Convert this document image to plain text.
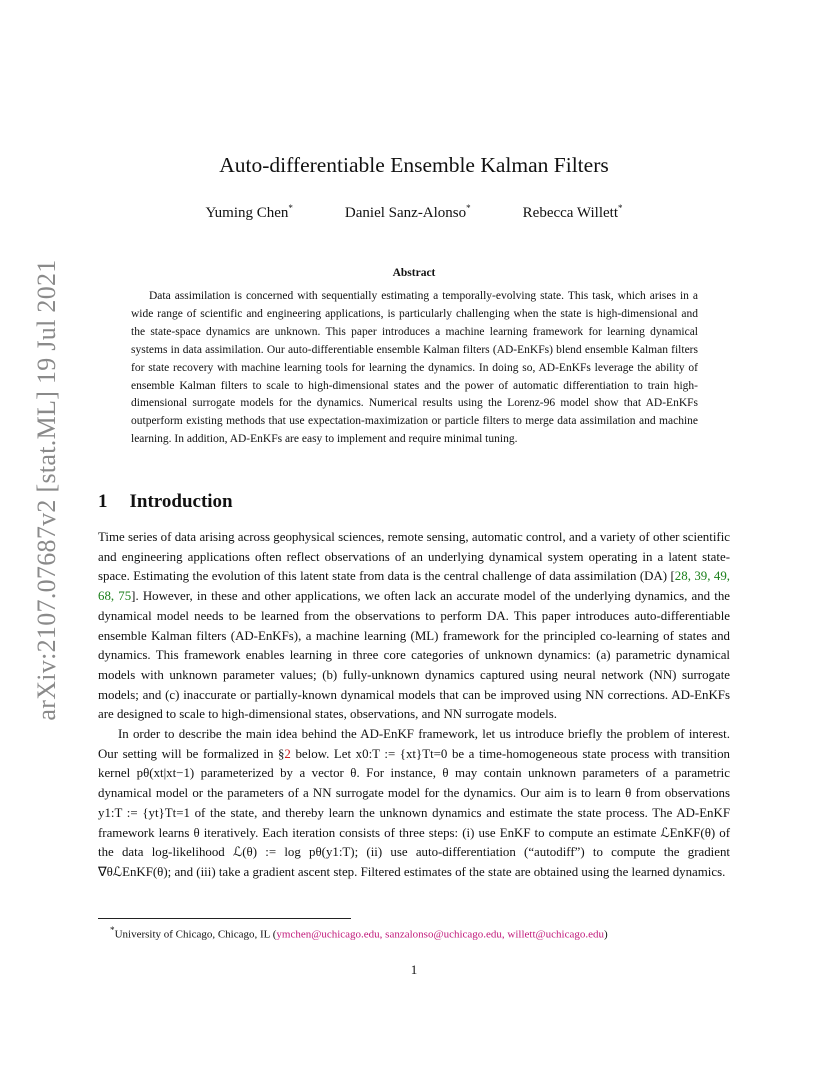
arXiv:2107.07687v2 [stat.ML] 19 Jul 2021
Auto-differentiable Ensemble Kalman Filters
Yuming Chen*	Daniel Sanz-Alonso*	Rebecca Willett*
Abstract

Data assimilation is concerned with sequentially estimating a temporally-evolving state. This task, which arises in a wide range of scientific and engineering applications, is particularly challenging when the state is high-dimensional and the state-space dynamics are unknown. This paper introduces a machine learning framework for learning dynamical systems in data assimilation. Our auto-differentiable ensemble Kalman filters (AD-EnKFs) blend ensemble Kalman filters for state recovery with machine learning tools for learning the dynamics. In doing so, AD-EnKFs leverage the ability of ensemble Kalman filters to scale to high-dimensional states and the power of automatic differentiation to train high-dimensional surrogate models for the dynamics. Numerical results using the Lorenz-96 model show that AD-EnKFs outperform existing methods that use expectation-maximization or particle filters to merge data assimilation and machine learning. In addition, AD-EnKFs are easy to implement and require minimal tuning.

1 Introduction

Time series of data arising across geophysical sciences, remote sensing, automatic control, and a variety of other scientific and engineering applications often reflect observations of an underlying dynamical system operating in a latent state-space. Estimating the evolution of this latent state from data is the central challenge of data assimilation (DA) [28, 39, 49, 68, 75]. However, in these and other applications, we often lack an accurate model of the underlying dynamics, and the dynamical model needs to be learned from the observations to perform DA. This paper introduces auto-differentiable ensemble Kalman filters (AD-EnKFs), a machine learning (ML) framework for the principled co-learning of states and dynamics. This framework enables learning in three core categories of unknown dynamics: (a) parametric dynamical models with unknown parameter values; (b) fully-unknown dynamics captured using neural network (NN) surrogate models; and (c) inaccurate or partially-known dynamical models that can be improved using NN corrections. AD-EnKFs are designed to scale to high-dimensional states, observations, and NN surrogate models.

In order to describe the main idea behind the AD-EnKF framework, let us introduce briefly the problem of interest. Our setting will be formalized in §2 below. Let x0:T := {xt}Tt=0 be a time-homogeneous state process with transition kernel pθ(xt|xt−1) parameterized by a vector θ. For instance, θ may contain unknown parameters of a parametric dynamical model or the parameters of a NN surrogate model for the dynamics. Our aim is to learn θ from observations y1:T := {yt}Tt=1 of the state, and thereby learn the unknown dynamics and estimate the state process. The AD-EnKF framework learns θ iteratively. Each iteration consists of three steps: (i) use EnKF to compute an estimate ℒEnKF(θ) of the data log-likelihood ℒ(θ) := log pθ(y1:T); (ii) use auto-differentiation (“autodiff”) to compute the gradient ∇θℒEnKF(θ); and (iii) take a gradient ascent step. Filtered estimates of the state are obtained using the learned dynamics.

*University of Chicago, Chicago, IL (ymchen@uchicago.edu, sanzalonso@uchicago.edu, willett@uchicago.edu)

1
